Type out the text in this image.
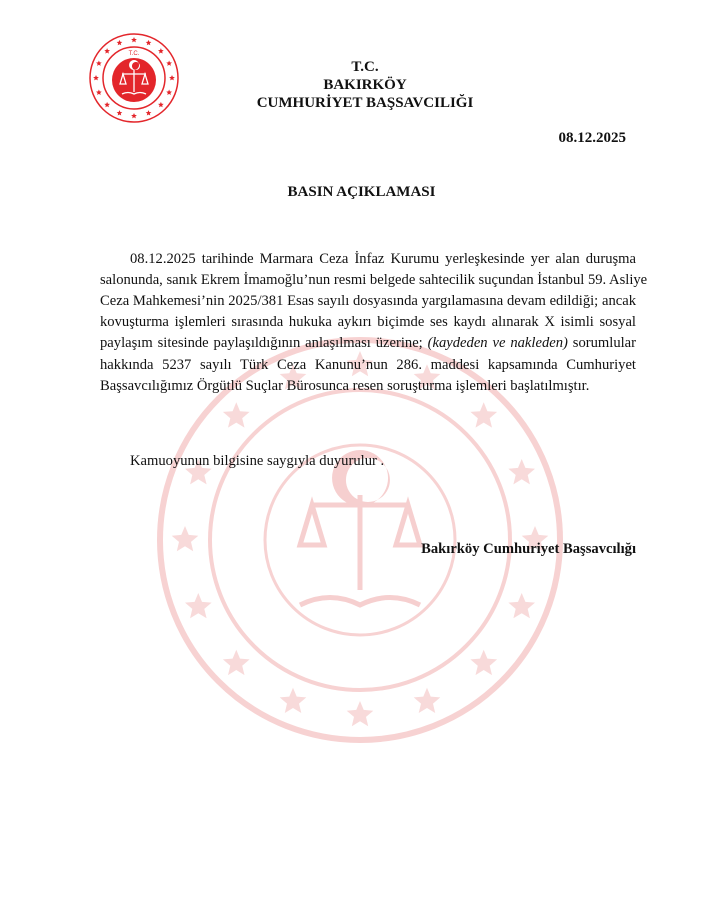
T.C.
T.C.
BAKIRKÖY
CUMHURİYET BAŞSAVCILIĞI
08.12.2025
BASIN AÇIKLAMASI
08.12.2025 tarihinde Marmara Ceza İnfaz Kurumu yerleşkesinde yer alan duruşma
salonunda, sanık Ekrem İmamoğlu’nun resmi belgede sahtecilik suçundan İstanbul 59. Asliye
Ceza Mahkemesi’nin 2025/381 Esas sayılı dosyasında yargılamasına devam edildiği; ancak
kovuşturma işlemleri sırasında hukuka aykırı biçimde ses kaydı alınarak X isimli sosyal
paylaşım sitesinde paylaşıldığının anlaşılması üzerine; (kaydeden ve nakleden) sorumlular
hakkında 5237 sayılı Türk Ceza Kanunu’nun 286. maddesi kapsamında Cumhuriyet
Başsavcılığımız Örgütlü Suçlar Bürosunca resen soruşturma işlemleri başlatılmıştır.
Kamuoyunun bilgisine saygıyla duyurulur .
Bakırköy Cumhuriyet Başsavcılığı
